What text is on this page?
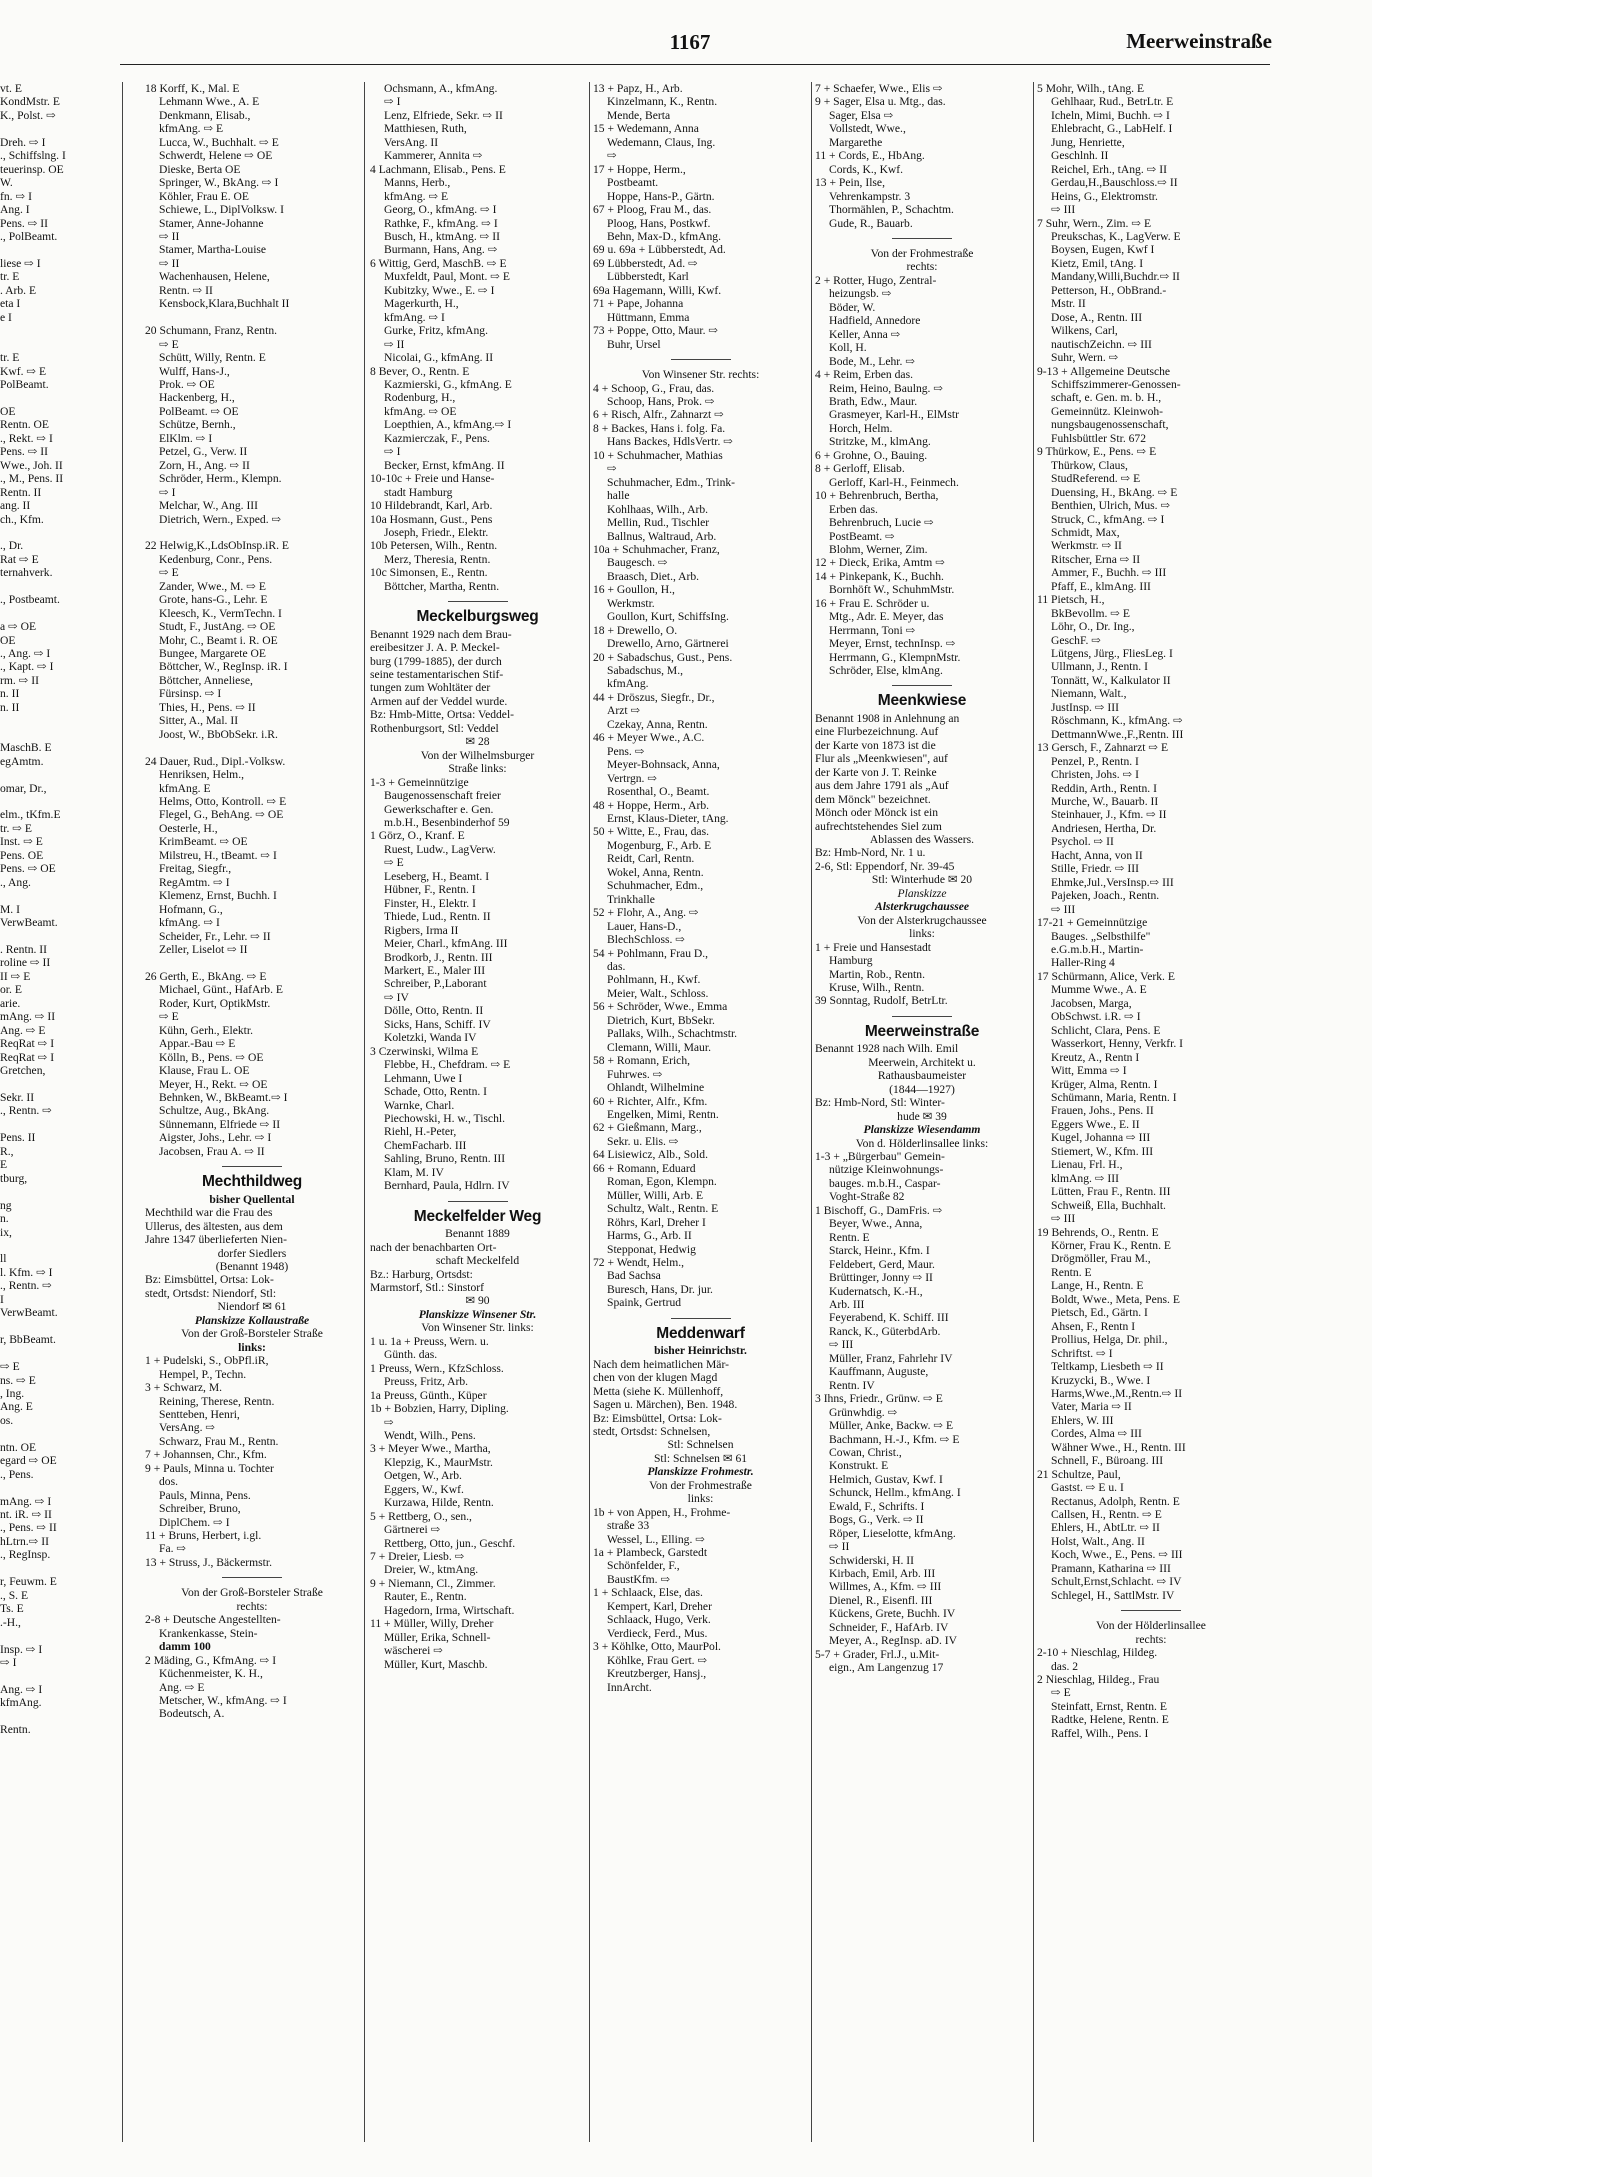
1167	Meerweinstraße
vt. E
KondMstr. E
K., Polst. ⇨

Dreh. ⇨ I
., Schiffslng. I
teuerinsp. OE
W.
fn. ⇨ I
Ang. I
Pens. ⇨ II
., PolBeamt.

liese ⇨ I
tr. E
. Arb. E
eta I
e I

tr. E
Kwf. ⇨ E
PolBeamt.

OE
Rentn. OE
., Rekt. ⇨ I
Pens. ⇨ II
Wwe., Joh. II
., M., Pens. II
Rentn. II
ang. II
ch., Kfm.

., Dr.
Rat ⇨ E
ternahverk.

., Postbeamt.

a ⇨ OE
OE
., Ang. ⇨ I
., Kapt. ⇨ I
rm. ⇨ II
n. II
n. II

MaschB. E
egAmtm.

omar, Dr.,

elm., tKfm.E
tr. ⇨ E
Inst. ⇨ E
Pens. OE
Pens. ⇨ OE
., Ang.

M. I
VerwBeamt.

. Rentn. II
roline ⇨ II
II ⇨ E
or. E
arie.
mAng. ⇨ II
Ang. ⇨ E
ReqRat ⇨ I
ReqRat ⇨ I
Gretchen,

Sekr. II
., Rentn. ⇨

Pens. II
R.,
E
tburg,

ng
n.
ix,

ll
l. Kfm. ⇨ I
., Rentn. ⇨
I
VerwBeamt.

r, BbBeamt.

⇨ E
ns. ⇨ E
, Ing.
Ang. E
os.

ntn. OE
egard ⇨ OE
., Pens.

mAng. ⇨ I
nt. iR. ⇨ II
., Pens. ⇨ II
hLtrn.⇨ II
., RegInsp.

r, Feuwm. E
., S. E
Ts. E
.-H.,

Insp. ⇨ I
⇨ I

Ang. ⇨ I
kfmAng.

Rentn.
18 Korff, K., Mal. E
Lehmann Wwe., A. E
Denkmann, Elisab.,
kfmAng. ⇨ E
Lucca, W., Buchhalt. ⇨ E
Schwerdt, Helene ⇨ OE
Dieske, Berta OE
Springer, W., BkAng. ⇨ I
Köhler, Frau E. OE
Schiewe, L., DiplVolksw. I
Stamer, Anne-Johanne
⇨ II
Stamer, Martha-Louise
⇨ II
Wachenhausen, Helene,
Rentn. ⇨ II
Kensbock,Klara,Buchhalt II

20 Schumann, Franz, Rentn.
⇨ E
Schütt, Willy, Rentn. E
Wulff, Hans-J.,
Prok. ⇨ OE
Hackenberg, H.,
PolBeamt. ⇨ OE
Schütze, Bernh.,
ElKlm. ⇨ I
Petzel, G., Verw. II
Zorn, H., Ang. ⇨ II
Schröder, Herm., Klempn.
⇨ I
Melchar, W., Ang. III
Dietrich, Wern., Exped. ⇨

22 Helwig,K.,LdsObInsp.iR. E
Kedenburg, Conr., Pens.
⇨ E
Zander, Wwe., M. ⇨ E
Grote, hans-G., Lehr. E
Kleesch, K., VermTechn. I
Studt, F., JustAng. ⇨ OE
Mohr, C., Beamt i. R. OE
Bungee, Margarete OE
Böttcher, W., RegInsp. iR. I
Böttcher, Anneliese,
Fürsinsp. ⇨ I
Thies, H., Pens. ⇨ II
Sitter, A., Mal. II
Joost, W., BbObSekr. i.R.

24 Dauer, Rud., Dipl.-Volksw.
Henriksen, Helm.,
kfmAng. E
Helms, Otto, Kontroll. ⇨ E
Flegel, G., BehAng. ⇨ OE
Oesterle, H.,
KrimBeamt. ⇨ OE
Milstreu, H., tBeamt. ⇨ I
Freitag, Siegfr.,
RegAmtm. ⇨ I
Klemenz, Ernst, Buchh. I
Hofmann, G.,
kfmAng. ⇨ I
Scheider, Fr., Lehr. ⇨ II
Zeller, Liselot ⇨ II

26 Gerth, E., BkAng. ⇨ E
Michael, Günt., HafArb. E
Roder, Kurt, OptikMstr.
⇨ E
Kühn, Gerh., Elektr.
Appar.-Bau ⇨ E
Kölln, B., Pens. ⇨ OE
Klause, Frau L. OE
Meyer, H., Rekt. ⇨ OE
Behnken, W., BkBeamt.⇨ I
Schultze, Aug., BkAng.
Sünnemann, Elfriede ⇨ II
Aigster, Johs., Lehr. ⇨ I
Jacobsen, Frau A. ⇨ II
Mechthildweg
bisher Quellental
Mechthild war die Frau des
Ullerus, des ältesten, aus dem
Jahre 1347 überlieferten Nien-
dorfer Siedlers
(Benannt 1948)
Bz: Eimsbüttel, Ortsa: Lok-
stedt, Ortsdst: Niendorf, Stl:
Niendorf ✉ 61
Planskizze Kollaustraße
Von der Groß-Borsteler Straße
links:
1 + Pudelski, S., ObPfl.iR,
Hempel, P., Techn.
3 + Schwarz, M.
Reining, Therese, Rentn.
Sentteben, Henri,
VersAng. ⇨
Schwarz, Frau M., Rentn.
7 + Johannsen, Chr., Kfm.
9 + Pauls, Minna u. Tochter
dos.
Pauls, Minna, Pens.
Schreiber, Bruno,
DiplChem. ⇨ I
11 + Bruns, Herbert, i.gl.
Fa. ⇨
13 + Struss, J., Bäckermstr.
Von der Groß-Borsteler Straße
rechts:
2-8 + Deutsche Angestellten-
Krankenkasse, Stein-
damm 100
2 Mäding, G., KfmAng. ⇨ I
Küchenmeister, K. H.,
Ang. ⇨ E
Metscher, W., kfmAng. ⇨ I
Bodeutsch, A.
Ochsmann, A., kfmAng.
⇨ I
Lenz, Elfriede, Sekr. ⇨ II
Matthiesen, Ruth,
VersAng. II
Kammerer, Annita ⇨
4 Lachmann, Elisab., Pens. E
Manns, Herb.,
kfmAng. ⇨ E
Georg, O., kfmAng. ⇨ I
Rathke, F., kfmAng. ⇨ I
Busch, H., ktmAng. ⇨ II
Burmann, Hans, Ang. ⇨
6 Wittig, Gerd, MaschB. ⇨ E
Muxfeldt, Paul, Mont. ⇨ E
Kubitzky, Wwe., E. ⇨ I
Magerkurth, H.,
kfmAng. ⇨ I
Gurke, Fritz, kfmAng.
⇨ II
Nicolai, G., kfmAng. II
8 Bever, O., Rentn. E
Kazmierski, G., kfmAng. E
Rodenburg, H.,
kfmAng. ⇨ OE
Loepthien, A., kfmAng.⇨ I
Kazmierczak, F., Pens.
⇨ I
Becker, Ernst, kfmAng. II
10-10c + Freie und Hanse-
stadt Hamburg
10 Hildebrandt, Karl, Arb.
10a Hosmann, Gust., Pens
Joseph, Friedr., Elektr.
10b Petersen, Wilh., Rentn.
Merz, Theresia, Rentn.
10c Simonsen, E., Rentn.
Böttcher, Martha, Rentn.
Meckelburgsweg
Benannt 1929 nach dem Brau-
ereibesitzer J. A. P. Meckel-
burg (1799-1885), der durch
seine testamentarischen Stif-
tungen zum Wohltäter der
Armen auf der Veddel wurde.
Bz: Hmb-Mitte, Ortsa: Veddel-
Rothenburgsort, Stl: Veddel
✉ 28
Von der Wilhelmsburger
Straße links:
1-3 + Gemeinnützige
Baugenossenschaft freier
Gewerkschafter e. Gen.
m.b.H., Besenbinderhof 59
1 Görz, O., Kranf. E
Ruest, Ludw., LagVerw.
⇨ E
Leseberg, H., Beamt. I
Hübner, F., Rentn. I
Finster, H., Elektr. I
Thiede, Lud., Rentn. II
Rigbers, Irma II
Meier, Charl., kfmAng. III
Brodkorb, J., Rentn. III
Markert, E., Maler III
Schreiber, P.,Laborant
⇨ IV
Dölle, Otto, Rentn. II
Sicks, Hans, Schiff. IV
Koletzki, Wanda IV
3 Czerwinski, Wilma E
Flebbe, H., Chefdram. ⇨ E
Lehmann, Uwe I
Schade, Otto, Rentn. I
Warnke, Charl.
Piechowski, H. w., Tischl.
Riehl, H.-Peter,
ChemFacharb. III
Sahling, Bruno, Rentn. III
Klam, M. IV
Bernhard, Paula, Hdlrn. IV
Meckelfelder Weg
Benannt 1889
nach der benachbarten Ort-
schaft Meckelfeld
Bz.: Harburg, Ortsdst:
Marmstorf, Stl.: Sinstorf
✉ 90
Planskizze Winsener Str.
Von Winsener Str. links:
1 u. 1a + Preuss, Wern. u.
Günth. das.
1 Preuss, Wern., KfzSchloss.
Preuss, Fritz, Arb.
1a Preuss, Günth., Küper
1b + Bobzien, Harry, Dipling.
⇨
Wendt, Wilh., Pens.
3 + Meyer Wwe., Martha,
Klepzig, K., MaurMstr.
Oetgen, W., Arb.
Eggers, W., Kwf.
Kurzawa, Hilde, Rentn.
5 + Rettberg, O., sen.,
Gärtnerei ⇨
Rettberg, Otto, jun., Geschf.
7 + Dreier, Liesb. ⇨
Dreier, W., ktmAng.
9 + Niemann, Cl., Zimmer.
Rauter, E., Rentn.
Hagedorn, Irma, Wirtschaft.
11 + Müller, Willy, Dreher
Müller, Erika, Schnell-
wäscherei ⇨
Müller, Kurt, Maschb.
13 + Papz, H., Arb.
Kinzelmann, K., Rentn.
Mende, Berta
15 + Wedemann, Anna
Wedemann, Claus, Ing.
⇨
17 + Hoppe, Herm.,
Postbeamt.
Hoppe, Hans-P., Gärtn.
67 + Ploog, Frau M., das.
Ploog, Hans, Postkwf.
Behn, Max-D., kfmAng.
69 u. 69a + Lübberstedt, Ad.
69 Lübberstedt, Ad. ⇨
Lübberstedt, Karl
69a Hagemann, Willi, Kwf.
71 + Pape, Johanna
Hüttmann, Emma
73 + Poppe, Otto, Maur. ⇨
Buhr, Ursel
Von Winsener Str. rechts:
4 + Schoop, G., Frau, das.
Schoop, Hans, Prok. ⇨
6 + Risch, Alfr., Zahnarzt ⇨
8 + Backes, Hans i. folg. Fa.
Hans Backes, HdlsVertr. ⇨
10 + Schuhmacher, Mathias
⇨
Schuhmacher, Edm., Trink-
halle
Kohlhaas, Wilh., Arb.
Mellin, Rud., Tischler
Ballnus, Waltraud, Arb.
10a + Schuhmacher, Franz,
Baugesch. ⇨
Braasch, Diet., Arb.
16 + Goullon, H.,
Werkmstr.
Goullon, Kurt, SchiffsIng.
18 + Drewello, O.
Drewello, Arno, Gärtnerei
20 + Sabadschus, Gust., Pens.
Sabadschus, M.,
kfmAng.
44 + Dröszus, Siegfr., Dr.,
Arzt ⇨
Czekay, Anna, Rentn.
46 + Meyer Wwe., A.C.
Pens. ⇨
Meyer-Bohnsack, Anna,
Vertrgn. ⇨
Rosenthal, O., Beamt.
48 + Hoppe, Herm., Arb.
Ernst, Klaus-Dieter, tAng.
50 + Witte, E., Frau, das.
Mogenburg, F., Arb. E
Reidt, Carl, Rentn.
Wokel, Anna, Rentn.
Schuhmacher, Edm.,
Trinkhalle
52 + Flohr, A., Ang. ⇨
Lauer, Hans-D.,
BlechSchloss. ⇨
54 + Pohlmann, Frau D.,
das.
Pohlmann, H., Kwf.
Meier, Walt., Schloss.
56 + Schröder, Wwe., Emma
Dietrich, Kurt, BbSekr.
Pallaks, Wilh., Schachtmstr.
Clemann, Willi, Maur.
58 + Romann, Erich,
Fuhrwes. ⇨
Ohlandt, Wilhelmine
60 + Richter, Alfr., Kfm.
Engelken, Mimi, Rentn.
62 + Gießmann, Marg.,
Sekr. u. Elis. ⇨
64 Lisiewicz, Alb., Sold.
66 + Romann, Eduard
Roman, Egon, Klempn.
Müller, Willi, Arb. E
Schultz, Walt., Rentn. E
Röhrs, Karl, Dreher I
Harms, G., Arb. II
Stepponat, Hedwig
72 + Wendt, Helm.,
Bad Sachsa
Buresch, Hans, Dr. jur.
Spaink, Gertrud
Meddenwarf
bisher Heinrichstr.
Nach dem heimatlichen Mär-
chen von der klugen Magd
Metta (siehe K. Müllenhoff,
Sagen u. Märchen), Ben. 1948.
Bz: Eimsbüttel, Ortsa: Lok-
stedt, Ortsdst: Schnelsen,
Stl: Schnelsen
Stl: Schnelsen ✉ 61
Planskizze Frohmestr.
Von der Frohmestraße
links:
1b + von Appen, H., Frohme-
straße 33
Wessel, L., Elling. ⇨
1a + Plambeck, Garstedt
Schönfelder, F.,
BaustKfm. ⇨
1 + Schlaack, Else, das.
Kempert, Karl, Dreher
Schlaack, Hugo, Verk.
Verdieck, Ferd., Mus.
3 + Köhlke, Otto, MaurPol.
Köhlke, Frau Gert. ⇨
Kreutzberger, Hansj.,
InnArcht.
7 + Schaefer, Wwe., Elis ⇨
9 + Sager, Elsa u. Mtg., das.
Sager, Elsa ⇨
Vollstedt, Wwe.,
Margarethe
11 + Cords, E., HbAng.
Cords, K., Kwf.
13 + Pein, Ilse,
Vehrenkampstr. 3
Thormählen, P., Schachtm.
Gude, R., Bauarb.
Von der Frohmestraße
rechts:
2 + Rotter, Hugo, Zentral-
heizungsb. ⇨
Böder, W.
Hadfield, Annedore
Keller, Anna ⇨
Koll, H.
Bode, M., Lehr. ⇨
4 + Reim, Erben das.
Reim, Heino, Baulng. ⇨
Brath, Edw., Maur.
Grasmeyer, Karl-H., ElMstr
Horch, Helm.
Stritzke, M., klmAng.
6 + Grohne, O., Bauing.
8 + Gerloff, Elisab.
Gerloff, Karl-H., Feinmech.
10 + Behrenbruch, Bertha,
Erben das.
Behrenbruch, Lucie ⇨
PostBeamt. ⇨
Blohm, Werner, Zim.
12 + Dieck, Erika, Amtm ⇨
14 + Pinkepank, K., Buchh.
Bornhöft W., SchuhmMstr.
16 + Frau E. Schröder u.
Mtg., Adr. E. Meyer, das
Herrmann, Toni ⇨
Meyer, Ernst, technInsp. ⇨
Herrmann, G., KlempnMstr.
Schröder, Else, klmAng.
Meenkwiese
Benannt 1908 in Anlehnung an
eine Flurbezeichnung. Auf
der Karte von 1873 ist die
Flur als „Meenkwiesen", auf
der Karte von J. T. Reinke
aus dem Jahre 1791 als „Auf
dem Mönck" bezeichnet.
Mönch oder Mönck ist ein
aufrechtstehendes Siel zum
Ablassen des Wassers.
Bz: Hmb-Nord, Nr. 1 u.
2-6, Stl: Eppendorf, Nr. 39-45
Stl: Winterhude ✉ 20
Planskizze
Alsterkrugchaussee
Von der Alsterkrugchaussee
links:
1 + Freie und Hansestadt
Hamburg
Martin, Rob., Rentn.
Kruse, Wilh., Rentn.
39 Sonntag, Rudolf, BetrLtr.
Meerweinstraße
Benannt 1928 nach Wilh. Emil
Meerwein, Architekt u.
Rathausbaumeister
(1844—1927)
Bz: Hmb-Nord, Stl: Winter-
hude ✉ 39
Planskizze Wiesendamm
Von d. Hölderlinsallee links:
1-3 + „Bürgerbau" Gemein-
nützige Kleinwohnungs-
bauges. m.b.H., Caspar-
Voght-Straße 82
1 Bischoff, G., DamFris. ⇨
Beyer, Wwe., Anna,
Rentn. E
Starck, Heinr., Kfm. I
Feldebert, Gerd, Maur.
Brüttinger, Jonny ⇨ II
Kudernatsch, K.-H.,
Arb. III
Feyerabend, K. Schiff. III
Ranck, K., GüterbdArb.
⇨ III
Müller, Franz, Fahrlehr IV
Kauffmann, Auguste,
Rentn. IV
3 Ihns, Friedr., Grünw. ⇨ E
Grünwhdig. ⇨
Müller, Anke, Backw. ⇨ E
Bachmann, H.-J., Kfm. ⇨ E
Cowan, Christ.,
Konstrukt. E
Helmich, Gustav, Kwf. I
Schunck, Hellm., kfmAng. I
Ewald, F., Schrifts. I
Bogs, G., Verk. ⇨ II
Röper, Lieselotte, kfmAng.
⇨ II
Schwiderski, H. II
Kirbach, Emil, Arb. III
Willmes, A., Kfm. ⇨ III
Dienel, R., Eisenfl. III
Kückens, Grete, Buchh. IV
Schneider, F., HafArb. IV
Meyer, A., RegInsp. aD. IV
5-7 + Grader, Frl.J., u.Mit-
eign., Am Langenzug 17
5 Mohr, Wilh., tAng. E
Gehlhaar, Rud., BetrLtr. E
Icheln, Mimi, Buchh. ⇨ I
Ehlebracht, G., LabHelf. I
Jung, Henriette,
Geschlnh. II
Reichel, Erh., tAng. ⇨ II
Gerdau,H.,Bauschloss.⇨ II
Heins, G., Elektromstr.
⇨ III
7 Suhr, Wern., Zim. ⇨ E
Preukschas, K., LagVerw. E
Boysen, Eugen, Kwf I
Kietz, Emil, tAng. I
Mandany,Willi,Buchdr.⇨ II
Petterson, H., ObBrand.-
Mstr. II
Dose, A., Rentn. III
Wilkens, Carl,
nautischZeichn. ⇨ III
Suhr, Wern. ⇨
9-13 + Allgemeine Deutsche
Schiffszimmerer-Genossen-
schaft, e. Gen. m. b. H.,
Gemeinnütz. Kleinwoh-
nungsbaugenossenschaft,
Fuhlsbüttler Str. 672
9 Thürkow, E., Pens. ⇨ E
Thürkow, Claus,
StudReferend. ⇨ E
Duensing, H., BkAng. ⇨ E
Benthien, Ulrich, Mus. ⇨
Struck, C., kfmAng. ⇨ I
Schmidt, Max,
Werkmstr. ⇨ II
Ritscher, Erna ⇨ II
Ammer, F., Buchh. ⇨ III
Pfaff, E., klmAng. III
11 Pietsch, H.,
BkBevollm. ⇨ E
Löhr, O., Dr. Ing.,
GeschF. ⇨
Lütgens, Jürg., FliesLeg. I
Ullmann, J., Rentn. I
Tonnätt, W., Kalkulator II
Niemann, Walt.,
JustInsp. ⇨ III
Röschmann, K., kfmAng. ⇨
DettmannWwe.,F.,Rentn. III
13 Gersch, F., Zahnarzt ⇨ E
Penzel, P., Rentn. I
Christen, Johs. ⇨ I
Reddin, Arth., Rentn. I
Murche, W., Bauarb. II
Steinhauer, J., Kfm. ⇨ II
Andriesen, Hertha, Dr.
Psychol. ⇨ II
Hacht, Anna, von II
Stille, Friedr. ⇨ III
Ehmke,Jul.,VersInsp.⇨ III
Pajeken, Joach., Rentn.
⇨ III
17-21 + Gemeinnützige
Bauges. „Selbsthilfe"
e.G.m.b.H., Martin-
Haller-Ring 4
17 Schürmann, Alice, Verk. E
Mumme Wwe., A. E
Jacobsen, Marga,
ObSchwst. i.R. ⇨ I
Schlicht, Clara, Pens. E
Wasserkort, Henny, Verkfr. I
Kreutz, A., Rentn I
Witt, Emma ⇨ I
Krüger, Alma, Rentn. I
Schümann, Maria, Rentn. I
Frauen, Johs., Pens. II
Eggers Wwe., E. II
Kugel, Johanna ⇨ III
Stiemert, W., Kfm. III
Lienau, Frl. H.,
klmAng. ⇨ III
Lütten, Frau F., Rentn. III
Schweiß, Ella, Buchhalt.
⇨ III
19 Behrends, O., Rentn. E
Körner, Frau K., Rentn. E
Drögmöller, Frau M.,
Rentn. E
Lange, H., Rentn. E
Boldt, Wwe., Meta, Pens. E
Pietsch, Ed., Gärtn. I
Ahsen, F., Rentn I
Prollius, Helga, Dr. phil.,
Schriftst. ⇨ I
Teltkamp, Liesbeth ⇨ II
Kruzycki, B., Wwe. I
Harms,Wwe.,M.,Rentn.⇨ II
Vater, Maria ⇨ II
Ehlers, W. III
Cordes, Alma ⇨ III
Wähner Wwe., H., Rentn. III
Schnell, F., Büroang. III
21 Schultze, Paul,
Gastst. ⇨ E u. I
Rectanus, Adolph, Rentn. E
Callsen, H., Rentn. ⇨ E
Ehlers, H., AbtLtr. ⇨ II
Holst, Walt., Ang. II
Koch, Wwe., E., Pens. ⇨ III
Pramann, Katharina ⇨ III
Schult,Ernst,Schlacht. ⇨ IV
Schlegel, H., SattlMstr. IV
Von der Hölderlinsallee
rechts:
2-10 + Nieschlag, Hildeg.
das. 2
2 Nieschlag, Hildeg., Frau
⇨ E
Steinfatt, Ernst, Rentn. E
Radtke, Helene, Rentn. E
Raffel, Wilh., Pens. I
